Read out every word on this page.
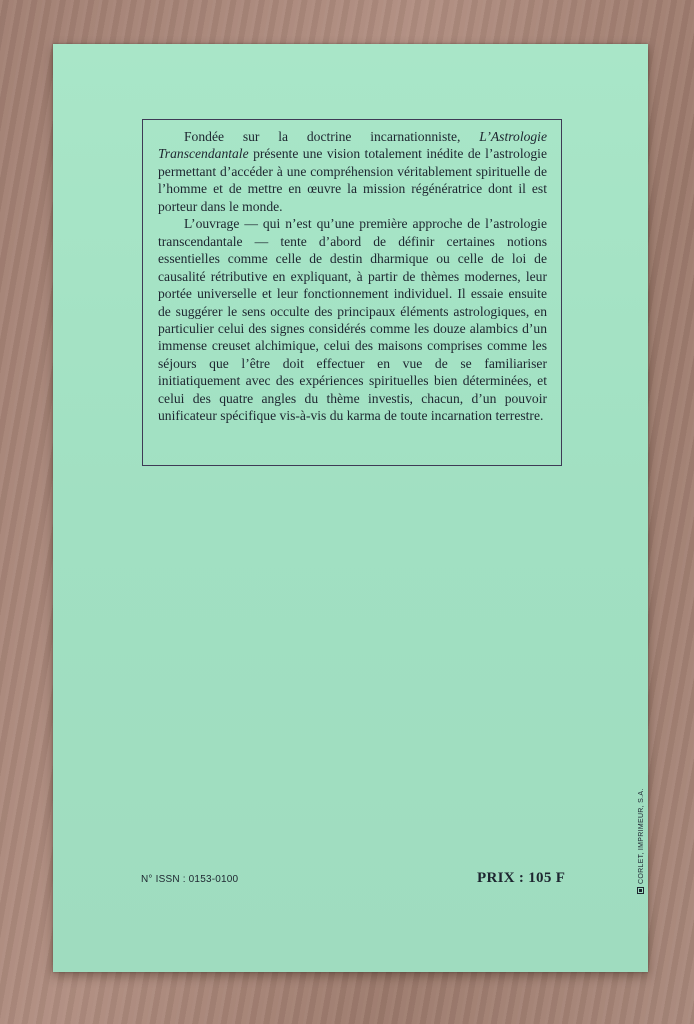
Fondée sur la doctrine incarnationniste, L’Astrologie Transcendantale présente une vision totalement inédite de l’astrologie permettant d’accéder à une compréhension véritablement spirituelle de l’homme et de mettre en œuvre la mission régénératrice dont il est porteur dans le monde.

L’ouvrage — qui n’est qu’une première approche de l’astrologie transcendantale — tente d’abord de définir certaines notions essentielles comme celle de destin dharmique ou celle de loi de causalité rétributive en expliquant, à partir de thèmes modernes, leur portée universelle et leur fonctionnement individuel. Il essaie ensuite de suggérer le sens occulte des principaux éléments astrologiques, en particulier celui des signes considérés comme les douze alambics d’un immense creuset alchimique, celui des maisons comprises comme les séjours que l’être doit effectuer en vue de se familiariser initiatiquement avec des expériences spirituelles bien déterminées, et celui des quatre angles du thème investis, chacun, d’un pouvoir unificateur spécifique vis-à-vis du karma de toute incarnation terrestre.

N° ISSN : 0153-0100	PRIX : 105 F	CORLET, IMPRIMEUR, S.A.
